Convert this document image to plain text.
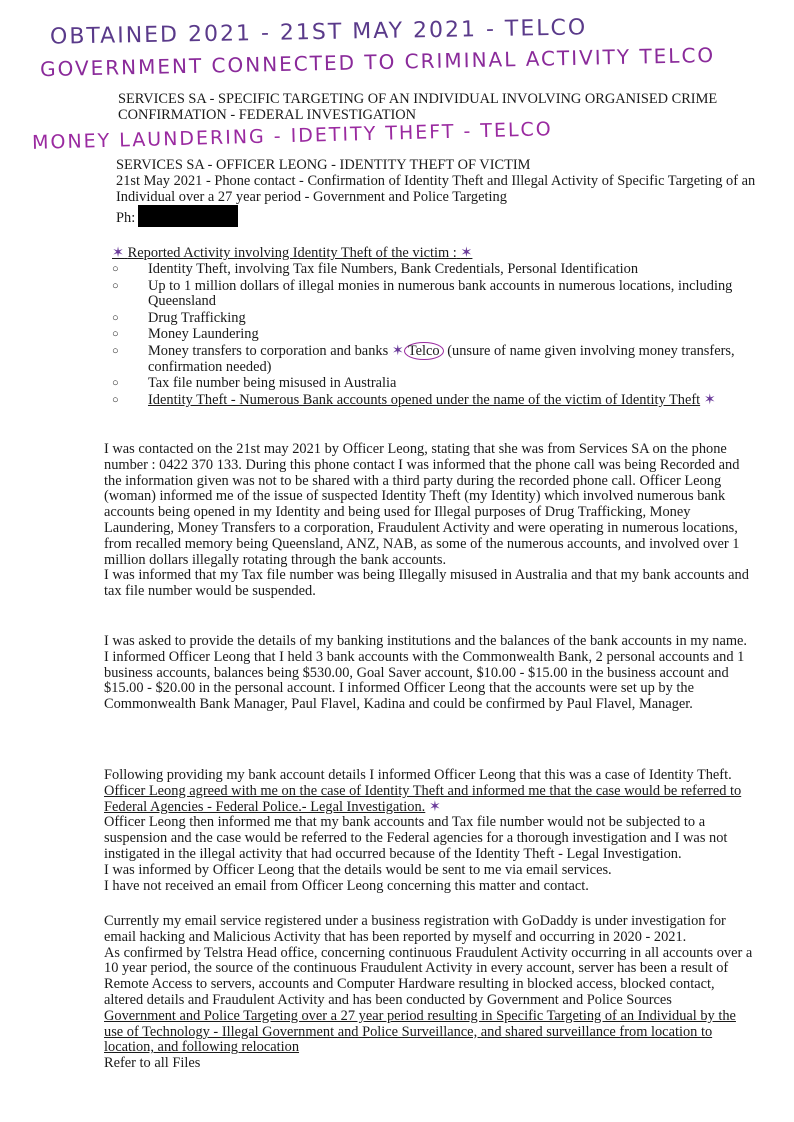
OBTAINED 2021 - 21ST MAY 2021 - TELCO
GOVERNMENT CONNECTED TO CRIMINAL ACTIVITY TELCO
MONEY LAUNDERING - IDETITY THEFT - TELCO
SERVICES SA - SPECIFIC TARGETING OF AN INDIVIDUAL INVOLVING ORGANISED CRIME
CONFIRMATION - FEDERAL INVESTIGATION
SERVICES SA - OFFICER LEONG - IDENTITY THEFT OF VICTIM
21st May 2021 - Phone contact - Confirmation of Identity Theft and Illegal Activity of Specific Targeting of an Individual over a 27 year period - Government and Police Targeting
Ph:
✶ Reported Activity involving Identity Theft of the victim : ✶
○ Identity Theft, involving Tax file Numbers, Bank Credentials, Personal Identification
○ Up to 1 million dollars of illegal monies in numerous bank accounts in numerous locations, including Queensland
○ Drug Trafficking
○ Money Laundering
○ Money transfers to corporation and banks ✶ Telco (unsure of name given involving money transfers, confirmation needed)
○ Tax file number being misused in Australia
○ Identity Theft - Numerous Bank accounts opened under the name of the victim of Identity Theft ✶

I was contacted on the 21st may 2021 by Officer Leong, stating that she was from Services SA on the phone number : 0422 370 133. During this phone contact I was informed that the phone call was being Recorded and the information given was not to be shared with a third party during the recorded phone call. Officer Leong (woman) informed me of the issue of suspected Identity Theft (my Identity) which involved numerous bank accounts being opened in my Identity and being used for Illegal purposes of Drug Trafficking, Money Laundering, Money Transfers to a corporation, Fraudulent Activity and were operating in numerous locations, from recalled memory being Queensland, ANZ, NAB, as some of the numerous accounts, and involved over 1 million dollars illegally rotating through the bank accounts.

I was informed that my Tax file number was being Illegally misused in Australia and that my bank accounts and tax file number would be suspended.

I was asked to provide the details of my banking institutions and the balances of the bank accounts in my name. I informed Officer Leong that I held 3 bank accounts with the Commonwealth Bank, 2 personal accounts and 1 business accounts, balances being $530.00, Goal Saver account, $10.00 - $15.00 in the business account and $15.00 - $20.00 in the personal account. I informed Officer Leong that the accounts were set up by the Commonwealth Bank Manager, Paul Flavel, Kadina and could be confirmed by Paul Flavel, Manager.

Following providing my bank account details I informed Officer Leong that this was a case of Identity Theft. Officer Leong agreed with me on the case of Identity Theft and informed me that the case would be referred to Federal Agencies - Federal Police.- Legal Investigation. ✶

Officer Leong then informed me that my bank accounts and Tax file number would not be subjected to a suspension and the case would be referred to the Federal agencies for a thorough investigation and I was not instigated in the illegal activity that had occurred because of the Identity Theft - Legal Investigation.

I was informed by Officer Leong that the details would be sent to me via email services.

I have not received an email from Officer Leong concerning this matter and contact.

Currently my email service registered under a business registration with GoDaddy is under investigation for email hacking and Malicious Activity that has been reported by myself and occurring in 2020 - 2021.

As confirmed by Telstra Head office, concerning continuous Fraudulent Activity occurring in all accounts over a 10 year period, the source of the continuous Fraudulent Activity in every account, server has been a result of Remote Access to servers, accounts and Computer Hardware resulting in blocked access, blocked contact, altered details and Fraudulent Activity and has been conducted by Government and Police Sources

Government and Police Targeting over a 27 year period resulting in Specific Targeting of an Individual by the use of Technology - Illegal Government and Police Surveillance, and shared surveillance from location to location, and following relocation

Refer to all Files
